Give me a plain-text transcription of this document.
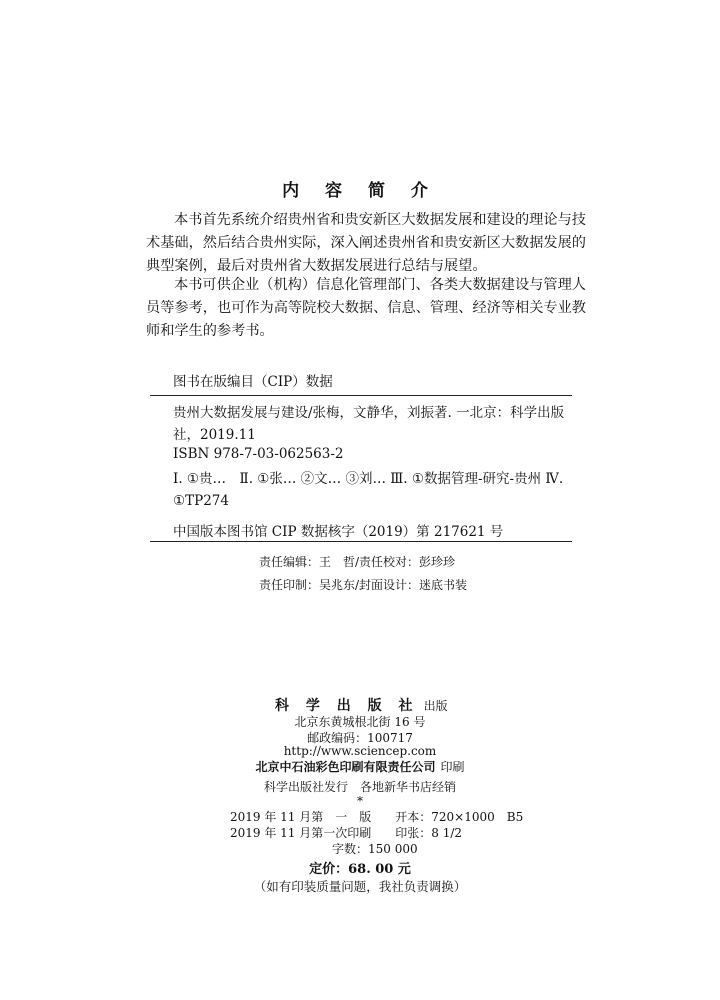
内 容 简 介
本书首先系统介绍贵州省和贵安新区大数据发展和建设的理论与技术基础，然后结合贵州实际，深入阐述贵州省和贵安新区大数据发展的典型案例，最后对贵州省大数据发展进行总结与展望。
本书可供企业（机构）信息化管理部门、各类大数据建设与管理人员等参考，也可作为高等院校大数据、信息、管理、经济等相关专业教师和学生的参考书。
图书在版编目（CIP）数据
贵州大数据发展与建设/张梅，文静华，刘振著. 一北京：科学出版社，2019.11
ISBN 978-7-03-062563-2
Ⅰ. ①贵…　Ⅱ. ①张… ②文… ③刘… Ⅲ. ①数据管理-研究-贵州 Ⅳ. ①TP274
中国版本图书馆 CIP 数据核字（2019）第 217621 号
责任编辑：王　哲/责任校对：彭珍珍
责任印制：吴兆东/封面设计：迷底书装
科 学 出 版 社 出版
北京东黄城根北街 16 号
邮政编码：100717
http://www.sciencep.com
北京中石油彩色印刷有限责任公司 印刷
科学出版社发行　各地新华书店经销
*
2019 年 11 月第　一　版　　开本：720×1000　B5
2019 年 11 月第一次印刷　　印张：8 1/2
字数：150 000
定价：68. 00 元
（如有印装质量问题，我社负责调换）
